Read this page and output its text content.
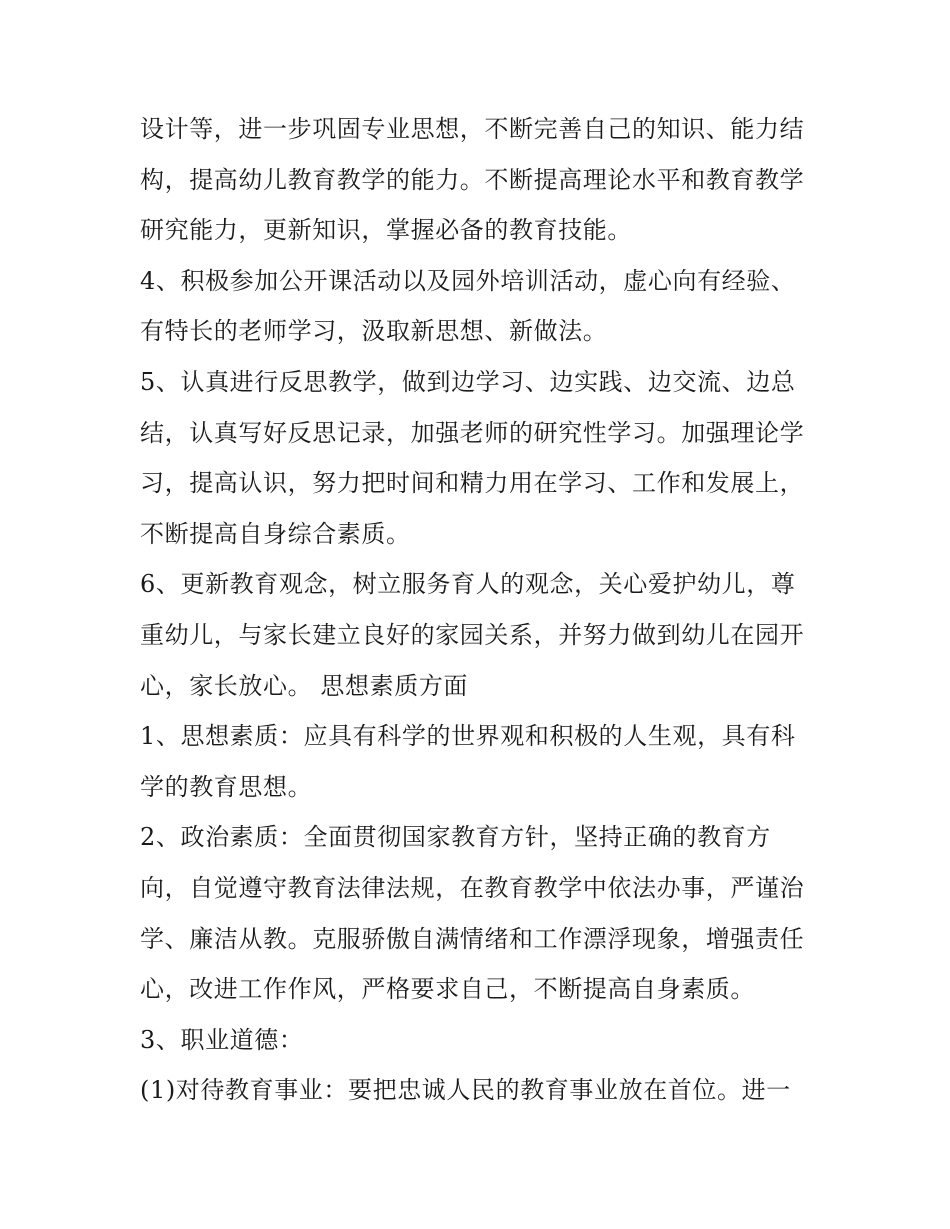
设计等，进一步巩固专业思想，不断完善自己的知识、能力结
构，提高幼儿教育教学的能力。不断提高理论水平和教育教学
研究能力，更新知识，掌握必备的教育技能。
4、积极参加公开课活动以及园外培训活动，虚心向有经验、
有特长的老师学习，汲取新思想、新做法。
5、认真进行反思教学，做到边学习、边实践、边交流、边总
结，认真写好反思记录，加强老师的研究性学习。加强理论学
习，提高认识，努力把时间和精力用在学习、工作和发展上，
不断提高自身综合素质。
6、更新教育观念，树立服务育人的观念，关心爱护幼儿，尊
重幼儿，与家长建立良好的家园关系，并努力做到幼儿在园开
心，家长放心。 思想素质方面
1、思想素质：应具有科学的世界观和积极的人生观，具有科
学的教育思想。
2、政治素质：全面贯彻国家教育方针，坚持正确的教育方
向，自觉遵守教育法律法规，在教育教学中依法办事，严谨治
学、廉洁从教。克服骄傲自满情绪和工作漂浮现象，增强责任
心，改进工作作风，严格要求自己，不断提高自身素质。
3、职业道德：
(1)对待教育事业：要把忠诚人民的教育事业放在首位。进一
